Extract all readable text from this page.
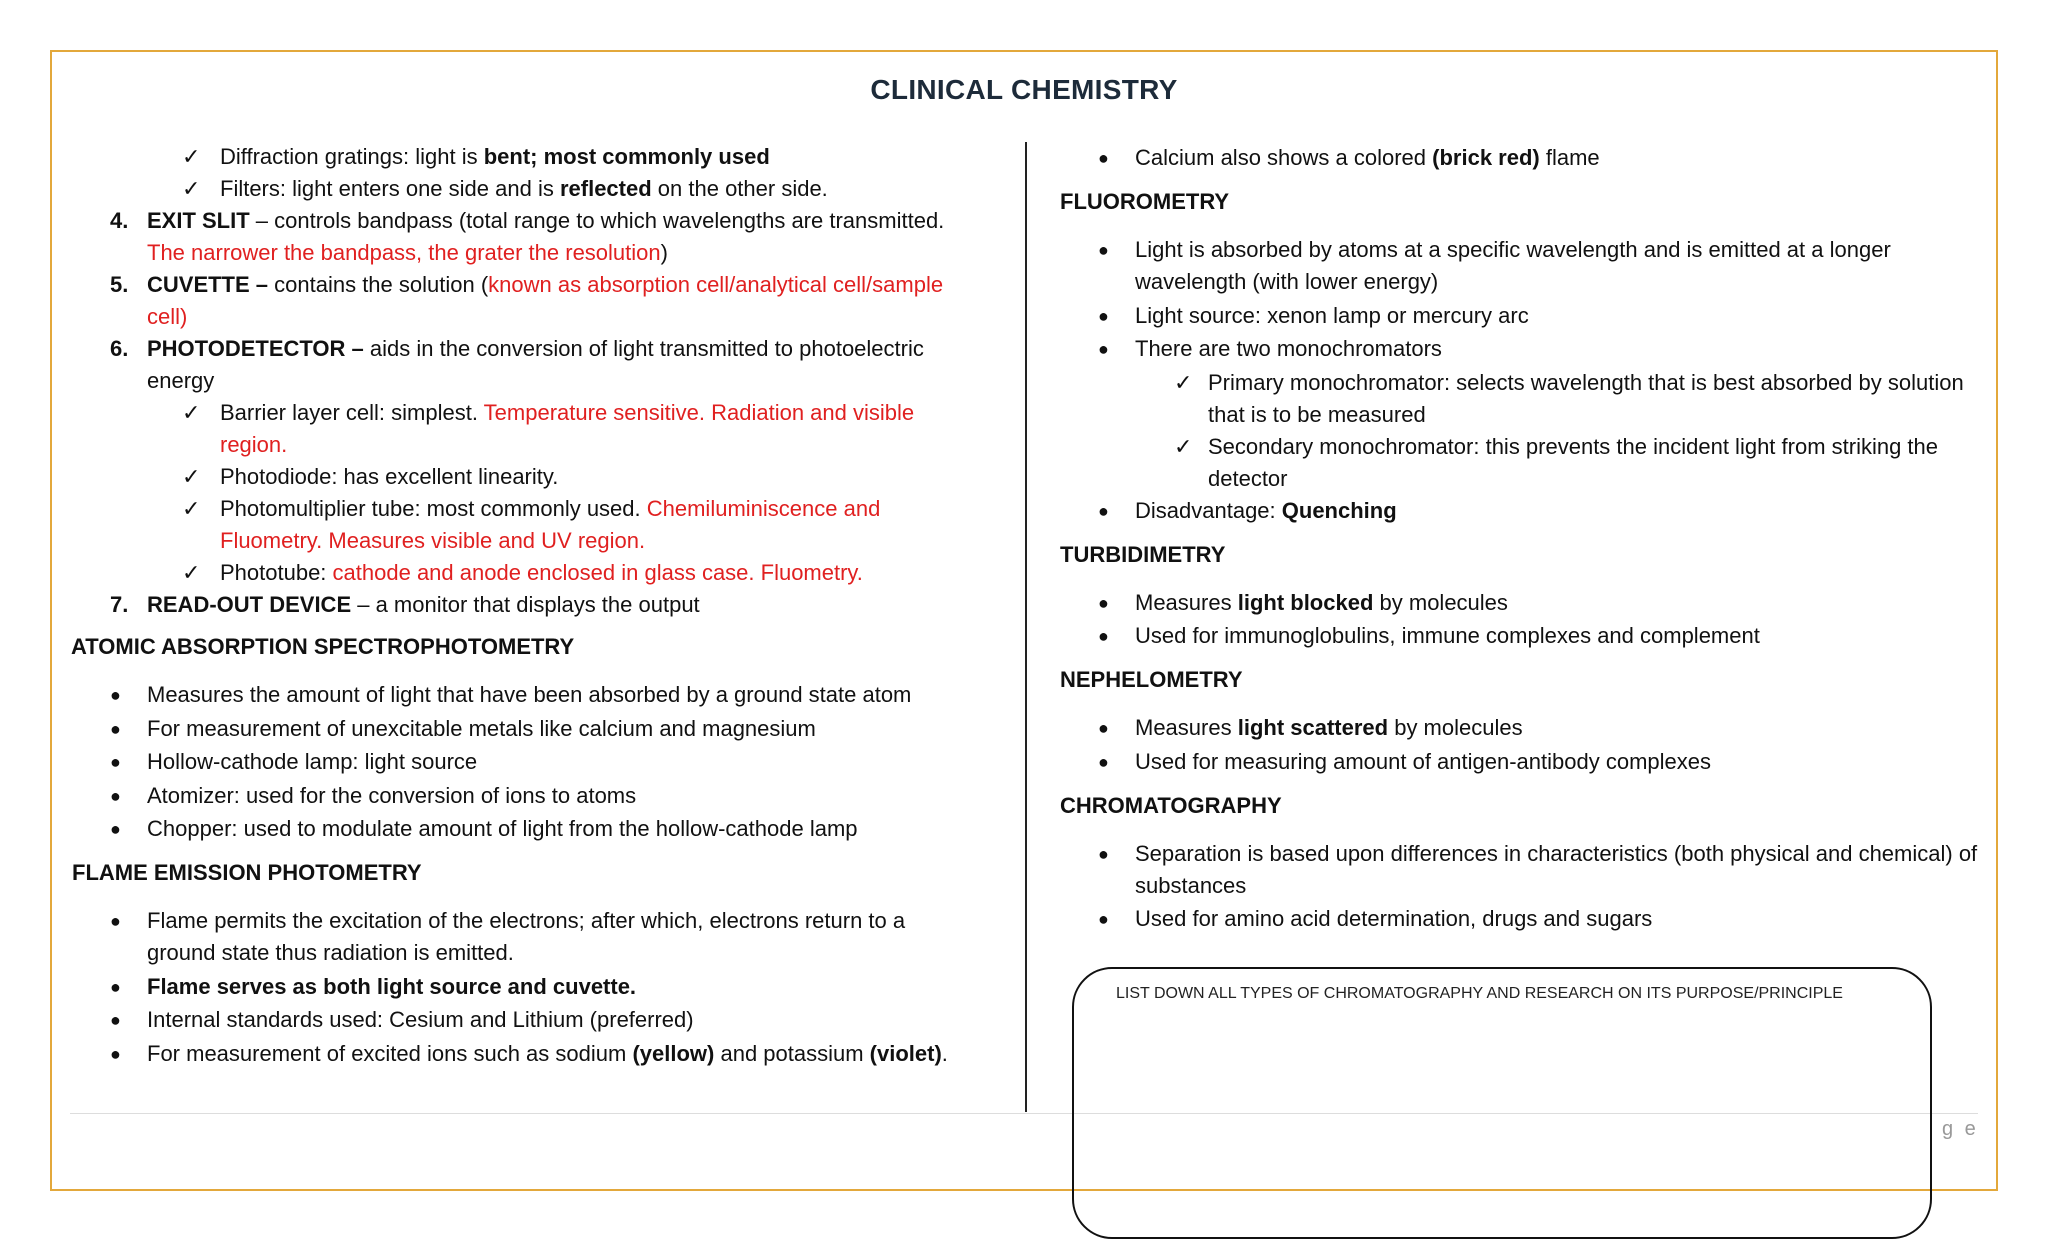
CLINICAL CHEMISTRY
g e
✓ Diffraction gratings: light is bent; most commonly used
✓ Filters: light enters one side and is reflected on the other side.
4. EXIT SLIT – controls bandpass (total range to which wavelengths are transmitted. The narrower the bandpass, the grater the resolution)
5. CUVETTE – contains the solution (known as absorption cell/analytical cell/sample cell)
6. PHOTODETECTOR – aids in the conversion of light transmitted to photoelectric energy
✓ Barrier layer cell: simplest. Temperature sensitive. Radiation and visible region.
✓ Photodiode: has excellent linearity.
✓ Photomultiplier tube: most commonly used. Chemiluminiscence and Fluometry. Measures visible and UV region.
✓ Phototube: cathode and anode enclosed in glass case. Fluometry.
7. READ-OUT DEVICE – a monitor that displays the output
ATOMIC ABSORPTION SPECTROPHOTOMETRY
● Measures the amount of light that have been absorbed by a ground state atom
● For measurement of unexcitable metals like calcium and magnesium
● Hollow-cathode lamp: light source
● Atomizer: used for the conversion of ions to atoms
● Chopper: used to modulate amount of light from the hollow-cathode lamp
FLAME EMISSION PHOTOMETRY
● Flame permits the excitation of the electrons; after which, electrons return to a ground state thus radiation is emitted.
● Flame serves as both light source and cuvette.
● Internal standards used: Cesium and Lithium (preferred)
● For measurement of excited ions such as sodium (yellow) and potassium (violet).
● Calcium also shows a colored (brick red) flame
FLUOROMETRY
● Light is absorbed by atoms at a specific wavelength and is emitted at a longer wavelength (with lower energy)
● Light source: xenon lamp or mercury arc
● There are two monochromators
✓ Primary monochromator: selects wavelength that is best absorbed by solution that is to be measured
✓ Secondary monochromator: this prevents the incident light from striking the detector
● Disadvantage: Quenching
TURBIDIMETRY
● Measures light blocked by molecules
● Used for immunoglobulins, immune complexes and complement
NEPHELOMETRY
● Measures light scattered by molecules
● Used for measuring amount of antigen-antibody complexes
CHROMATOGRAPHY
● Separation is based upon differences in characteristics (both physical and chemical) of substances
● Used for amino acid determination, drugs and sugars
LIST DOWN ALL TYPES OF CHROMATOGRAPHY AND RESEARCH ON ITS PURPOSE/PRINCIPLE
